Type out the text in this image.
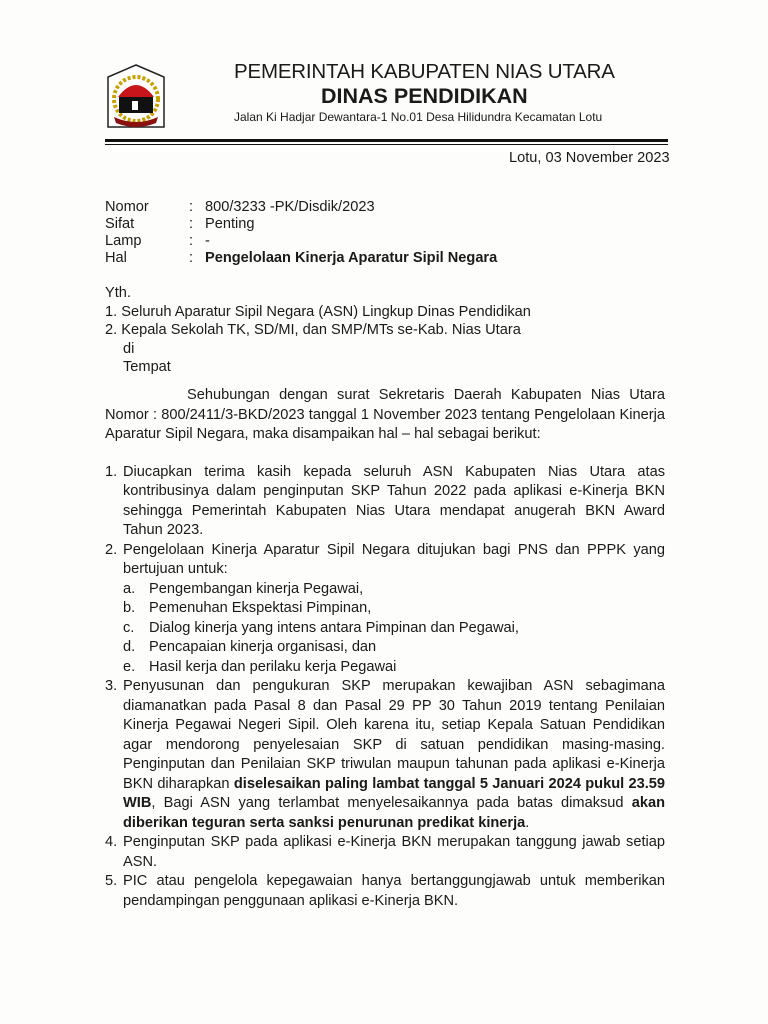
PEMERINTAH KABUPATEN NIAS UTARA
DINAS PENDIDIKAN
Jalan Ki Hadjar Dewantara-1 No.01 Desa Hilidundra Kecamatan Lotu
Lotu, 03 November 2023
Nomor	: 800/3233 -PK/Disdik/2023
Sifat	: Penting
Lamp	: -
Hal	: Pengelolaan Kinerja Aparatur Sipil Negara
Yth.
1. Seluruh Aparatur Sipil Negara (ASN) Lingkup Dinas Pendidikan
2. Kepala Sekolah TK, SD/MI, dan SMP/MTs se-Kab. Nias Utara
di
Tempat

Sehubungan dengan surat Sekretaris Daerah Kabupaten Nias Utara Nomor : 800/2411/3-BKD/2023 tanggal 1 November 2023 tentang Pengelolaan Kinerja Aparatur Sipil Negara, maka disampaikan hal – hal sebagai berikut:

1. Diucapkan terima kasih kepada seluruh ASN Kabupaten Nias Utara atas kontribusinya dalam penginputan SKP Tahun 2022 pada aplikasi e-Kinerja BKN sehingga Pemerintah Kabupaten Nias Utara mendapat anugerah BKN Award Tahun 2023.
2. Pengelolaan Kinerja Aparatur Sipil Negara ditujukan bagi PNS dan PPPK yang bertujuan untuk:
a. Pengembangan kinerja Pegawai,
b. Pemenuhan Ekspektasi Pimpinan,
c.	Dialog kinerja yang intens antara Pimpinan dan Pegawai,
d. Pencapaian kinerja organisasi, dan
e. Hasil kerja dan perilaku kerja Pegawai
3. Penyusunan dan pengukuran SKP merupakan kewajiban ASN sebagimana diamanatkan pada Pasal 8 dan Pasal 29 PP 30 Tahun 2019 tentang Penilaian Kinerja Pegawai Negeri Sipil. Oleh karena itu, setiap Kepala Satuan Pendidikan agar mendorong penyelesaian SKP di satuan pendidikan masing-masing. Penginputan dan Penilaian SKP triwulan maupun tahunan pada aplikasi e-Kinerja BKN diharapkan diselesaikan paling lambat tanggal 5 Januari 2024 pukul 23.59 WIB, Bagi ASN yang terlambat menyelesaikannya pada batas dimaksud akan diberikan teguran serta sanksi penurunan predikat kinerja.
4. Penginputan SKP pada aplikasi e-Kinerja BKN merupakan tanggung jawab setiap ASN.
5. PIC atau pengelola kepegawaian hanya bertanggungjawab untuk memberikan pendampingan penggunaan aplikasi e-Kinerja BKN.
